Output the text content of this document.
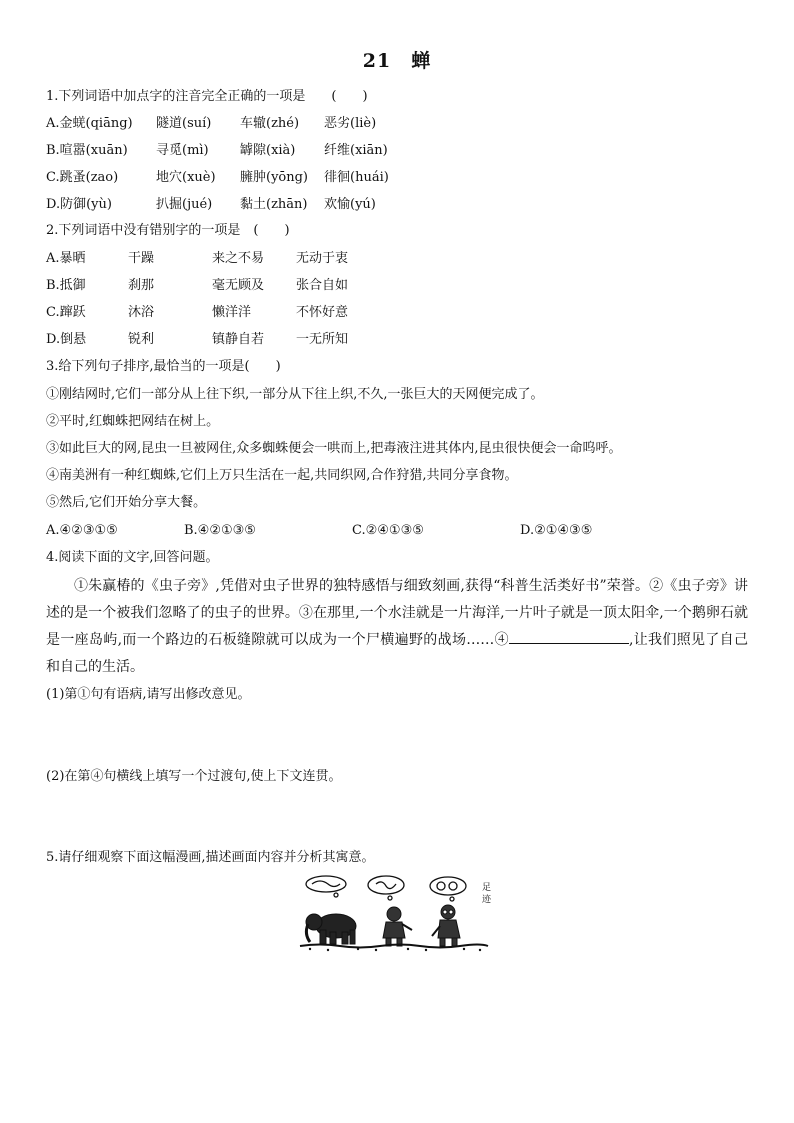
21　蝉
1.下列词语中加点字的注音完全正确的一项是　　(　　)
A.金蜣(qiāng) 隧道(suí) 车辙(zhé) 恶劣(liè)
B.喧嚣(xuān) 寻觅(mì) 罅隙(xià) 纤维(xiān)
C.跳蚤(zao)	地穴(xuè) 臃肿(yōng) 徘徊(huái)
D.防御(yù)	扒掘(jué) 黏土(zhān) 欢愉(yú)
2.下列词语中没有错别字的一项是　(　　)
A.暴晒	干躁	来之不易 无动于衷
B.抵御	刹那	毫无顾及 张合自如
C.蹿跃	沐浴	懒洋洋	不怀好意
D.倒悬	锐利	镇静自若 一无所知
3.给下列句子排序,最恰当的一项是(　　)
①刚结网时,它们一部分从上往下织,一部分从下往上织,不久,一张巨大的天网便完成了。
②平时,红蜘蛛把网结在树上。
③如此巨大的网,昆虫一旦被网住,众多蜘蛛便会一哄而上,把毒液注进其体内,昆虫很快便会一命呜呼。
④南美洲有一种红蜘蛛,它们上万只生活在一起,共同织网,合作狩猎,共同分享食物。
⑤然后,它们开始分享大餐。
A.④②③①⑤	B.④②①③⑤	C.②④①③⑤	D.②①④③⑤
4.阅读下面的文字,回答问题。
①朱赢椿的《虫子旁》,凭借对虫子世界的独特感悟与细致刻画,获得“科普生活类好书”荣誉。②《虫子旁》讲述的是一个被我们忽略了的虫子的世界。③在那里,一个水洼就是一片海洋,一片叶子就是一顶太阳伞,一个鹅卵石就是一座岛屿,而一个路边的石板缝隙就可以成为一个尸横遍野的战场……④	,让我们照见了自己和自己的生活。
(1)第①句有语病,请写出修改意见。
(2)在第④句横线上填写一个过渡句,使上下文连贯。
5.请仔细观察下面这幅漫画,描述画面内容并分析其寓意。
足
迹
